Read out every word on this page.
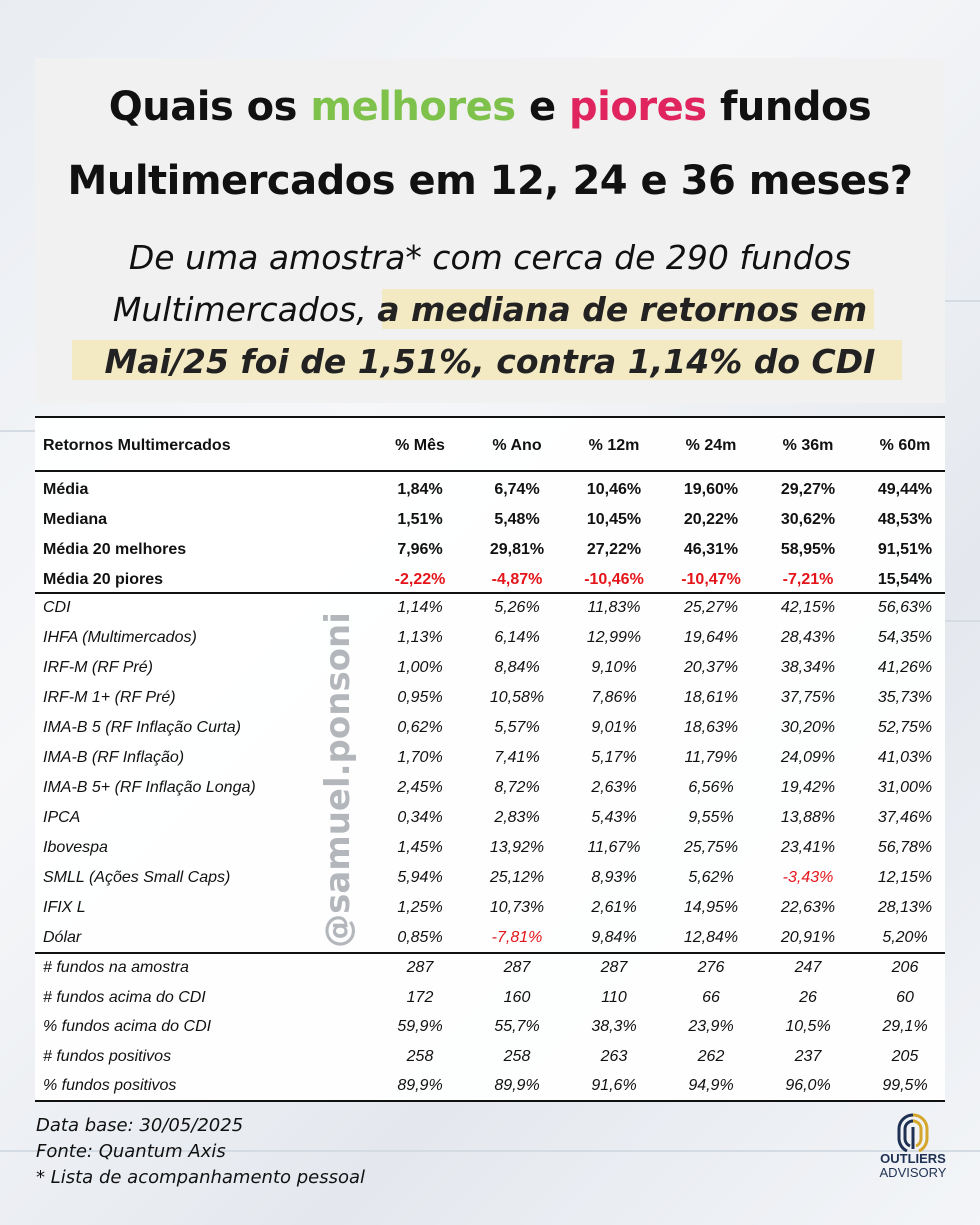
Quais os melhores e piores fundos
Multimercados em 12, 24 e 36 meses?
De uma amostra* com cerca de 290 fundos
Multimercados, a mediana de retornos em
Mai/25 foi de 1,51%, contra 1,14% do CDI
Retornos Multimercados	% Mês	% Ano	% 12m	% 24m	% 36m	% 60m
Média	1,84%	6,74%	10,46%	19,60%	29,27%	49,44%
Mediana	1,51%	5,48%	10,45%	20,22%	30,62%	48,53%
Média 20 melhores	7,96%	29,81%	27,22%	46,31%	58,95%	91,51%
Média 20 piores	-2,22%	-4,87%	-10,46%	-10,47%	-7,21%	15,54%
CDI	1,14%	5,26%	11,83%	25,27%	42,15%	56,63%
IHFA (Multimercados)	1,13%	6,14%	12,99%	19,64%	28,43%	54,35%
IRF-M (RF Pré)	1,00%	8,84%	9,10%	20,37%	38,34%	41,26%
IRF-M 1+ (RF Pré)	0,95%	10,58%	7,86%	18,61%	37,75%	35,73%
IMA-B 5 (RF Inflação Curta)	0,62%	5,57%	9,01%	18,63%	30,20%	52,75%
IMA-B (RF Inflação)	1,70%	7,41%	5,17%	11,79%	24,09%	41,03%
IMA-B 5+ (RF Inflação Longa)	2,45%	8,72%	2,63%	6,56%	19,42%	31,00%
IPCA	0,34%	2,83%	5,43%	9,55%	13,88%	37,46%
Ibovespa	1,45%	13,92%	11,67%	25,75%	23,41%	56,78%
SMLL (Ações Small Caps)	5,94%	25,12%	8,93%	5,62%	-3,43%	12,15%
IFIX L	1,25%	10,73%	2,61%	14,95%	22,63%	28,13%
Dólar	0,85%	-7,81%	9,84%	12,84%	20,91%	5,20%
# fundos na amostra	287	287	287	276	247	206
# fundos acima do CDI	172	160	110	66	26	60
% fundos acima do CDI	59,9%	55,7%	38,3%	23,9%	10,5%	29,1%
# fundos positivos	258	258	263	262	237	205
% fundos positivos	89,9%	89,9%	91,6%	94,9%	96,0%	99,5%
@samuel.ponsoni
Data base: 30/05/2025
Fonte: Quantum Axis
* Lista de acompanhamento pessoal
OUTLIERS
ADVISORY
